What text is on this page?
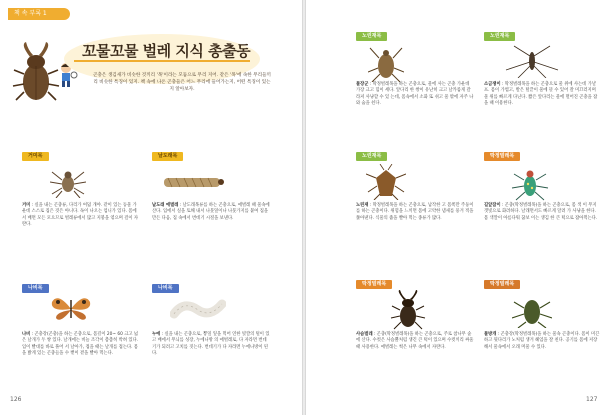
책 속 부록 1
꼬물꼬물 벌레 지식 총출동
곤충은 생김새가 비슷한 것끼리 '목'이라는 모둠으로 무리 지어. 같은 '목'에 속한 무리들끼리 비슷한 특징이 있지. 책 속에 나온 곤충들은 어느 무리에 들어가는지, 어떤 특징이 있는지 알아보자.
거미목
거미 : 실을 내는 곤충류, 다리가 여덟 개야. 같이 있는 동물 가운데 스스로 집은 것은 아니다. 독이 나오는 엄니가 있다. 몸에서 배면 모든 모으므로 벌레류에서 많고 지붕을 엮으며 걸이 자란다.
날도래목
날도래 애벌레 : 날도래목류를 하는 곤충으로, 애벌레 때 물속에 산다. 입에서 실을 토해 내서 나뭇잎이나 나뭇가지를 붙여 집을 만든 다음, 집 속에서 번데기 시절을 보낸다.
나비목
나비 : 곤충강(곤충)을 하는 곤충으로, 몸길이 20~ 60 크고 넓은 날개가 두 쌍 있다. 날개에는 비늘 조각이 촘촘히 박혀 있다. 입이 빨대를 바로 풀어 서 날아가, 접을 때는 날개를 접는다. 몸을 밝게 있는 곤충들을 수 뻗이 곁을 빨아 먹는다.
나비목
누에 : 실을 내는 곤충으로, 뽕잎 잎을 먹어 연한 빛깔의 털이 있고 배에서 무늬를 성장, 누에나방 의 애벌레로, 다 자라면 번데기가 되려고 고치를 짓는다. 번데기가 다 자라면 누에나방이 된다.
126
노린재목
물장군 : 딱정벌레목을 하는 곤충으로, 물에 사는 곤충 가운데 가장 크고 힘이 세다. 앞다리 한 쌍이 유난히 크고 날카롭게 갈라져 사냥할 수 있 는데, 몸속에서 소화 또 쉬고 물 밖에 자주 나와 숨을 쉰다.
노린재목
소금쟁이 : 딱정벌레목을 하는 곤충으로 물 위에 사는데 가냘프. 몸이 가볍고, 발은 털끝이 물에 뜰 수 있어 잘 미끄러지며 물 위를 빠르게 다닌다. 짧은 앞다리는 물에 떨어진 곤충을 잡을 때 이용한다.
노린재목
노린재 : 딱정벌레목을 하는 곤충으로, 납작한 고 몸쪽만 주둥이를 하는 곤충이다. 위험을 느끼면 몸에 고약한 냄새를 풍겨 적을 쫓아낸다. 식물의 즙을 빨아 먹는 종류가 많다.
딱정벌레목
길앞잡이 : 곤충(딱정벌레목)을 하는 곤충으로, 몸 색 이 무지갯빛으로 화려하다. 날래면서도 빠르게 달려 가 사냥을 한다. 몸 색깔이 아름다워 꿈보 이는 생김 한 큰 턱으로 잡아먹는다.
딱정벌레목
사슴벌레 : 곤충(딱정벌레목)을 하는 곤충으로, 주로 참나무 숲에 산다. 수컷은 사슴뿔처럼 생긴 큰 턱이 있으며 수컷끼리 싸울 때 사용한다. 애벌레는 썩은 나무 속에서 자란다.
딱정벌레목
물방개 : 곤충강(딱정벌레목)을 하는 물속 곤충이다. 몸이 미끈하고 뒷다리가 노처럼 생겨 헤엄을 잘 친다. 공기를 몸에 저장해서 물속에서 오래 머물 수 있다.
127
